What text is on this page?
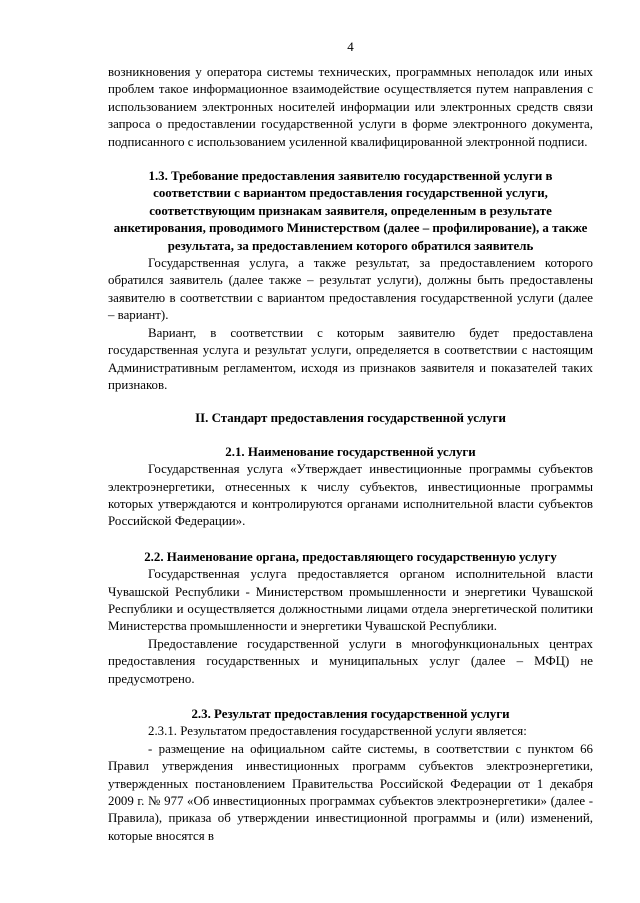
4

возникновения у оператора системы технических, программных неполадок или иных проблем такое информационное взаимодействие осуществляется путем направления с использованием электронных носителей информации или электронных средств связи запроса о предоставлении государственной услуги в форме электронного документа, подписанного с использованием усиленной квалифицированной электронной подписи.

1.3. Требование предоставления заявителю государственной услуги в соответствии с вариантом предоставления государственной услуги, соответствующим признакам заявителя, определенным в результате анкетирования, проводимого Министерством (далее – профилирование), а также результата, за предоставлением которого обратился заявитель

Государственная услуга, а также результат, за предоставлением которого обратился заявитель (далее также – результат услуги), должны быть предоставлены заявителю в соответствии с вариантом предоставления государственной услуги (далее – вариант).

Вариант, в соответствии с которым заявителю будет предоставлена государственная услуга и результат услуги, определяется в соответствии с настоящим Административным регламентом, исходя из признаков заявителя и показателей таких признаков.

II. Стандарт предоставления государственной услуги

2.1. Наименование государственной услуги

Государственная услуга «Утверждает инвестиционные программы субъектов электроэнергетики, отнесенных к числу субъектов, инвестиционные программы которых утверждаются и контролируются органами исполнительной власти субъектов Российской Федерации».

2.2. Наименование органа, предоставляющего государственную услугу

Государственная услуга предоставляется органом исполнительной власти Чувашской Республики - Министерством промышленности и энергетики Чувашской Республики и осуществляется должностными лицами отдела энергетической политики Министерства промышленности и энергетики Чувашской Республики.

Предоставление государственной услуги в многофункциональных центрах предоставления государственных и муниципальных услуг (далее – МФЦ) не предусмотрено.

2.3. Результат предоставления государственной услуги

2.3.1. Результатом предоставления государственной услуги является:

- размещение на официальном сайте системы, в соответствии с пунктом 66 Правил утверждения инвестиционных программ субъектов электроэнергетики, утвержденных постановлением Правительства Российской Федерации от 1 декабря 2009 г. № 977 «Об инвестиционных программах субъектов электроэнергетики» (далее - Правила), приказа об утверждении инвестиционной программы и (или) изменений, которые вносятся в
